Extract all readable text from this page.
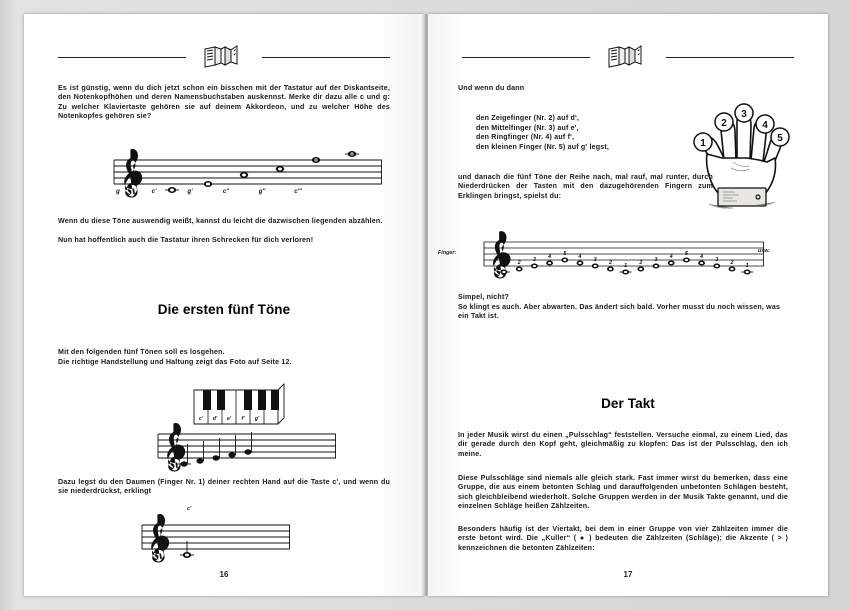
Es ist günstig, wenn du dich jetzt schon ein bisschen mit der Tastatur auf der Diskantseite, den Notenkopfhöhen und deren Namensbuchstaben auskennst. Merke dir dazu alle c und g: Zu welcher Klaviertaste gehören sie auf deinem Akkordeon, und zu welcher Höhe des Notenkopfes gehören sie?
g	c'	g'	c''	g''	c'''
Wenn du diese Töne auswendig weißt, kannst du leicht die dazwischen liegenden abzählen.
Nun hat hoffentlich auch die Tastatur ihren Schrecken für dich verloren!
Die ersten fünf Töne
Mit den folgenden fünf Tönen soll es losgehen.
Die richtige Handstellung und Haltung zeigt das Foto auf Seite 12.
c' d' e' f' g'
Dazu legst du den Daumen (Finger Nr. 1) deiner rechten Hand auf die Taste c', und wenn du sie niederdrückst, erklingt
c'
16
Und wenn du dann
den Zeigefinger (Nr. 2) auf d',
den Mittelfinger (Nr. 3) auf e',
den Ringfinger (Nr. 4) auf f',
den kleinen Finger (Nr. 5) auf g' legst,	1
2
3
4
5
und danach die fünf Töne der Reihe nach, mal rauf, mal runter, durch Niederdrücken der Tasten mit den dazugehörenden Fingern zum Erklingen bringst, spielst du:
Finger:
1 2 3 4 5 4 3 2 1 2 3 4 5 4 3 2 1
usw.
Simpel, nicht?
So klingt es auch. Aber abwarten. Das ändert sich bald. Vorher musst du noch wissen, was ein Takt ist.
Der Takt
In jeder Musik wirst du einen „Pulsschlag“ feststellen. Versuche einmal, zu einem Lied, das dir gerade durch den Kopf geht, gleichmäßig zu klopfen: Das ist der Pulsschlag, den ich meine.
Diese Pulsschläge sind niemals alle gleich stark. Fast immer wirst du bemerken, dass eine Gruppe, die aus einem betonten Schlag und darauffolgenden unbetonten Schlägen besteht, sich gleichbleibend wiederholt. Solche Gruppen werden in der Musik Takte genannt, und die einzelnen Schläge heißen Zählzeiten.
Besonders häufig ist der Viertakt, bei dem in einer Gruppe von vier Zählzeiten immer die erste betont wird. Die „Kuller“ ( ● ) bedeuten die Zählzeiten (Schläge); die Akzente ( > ) kennzeichnen die betonten Zählzeiten:
17
